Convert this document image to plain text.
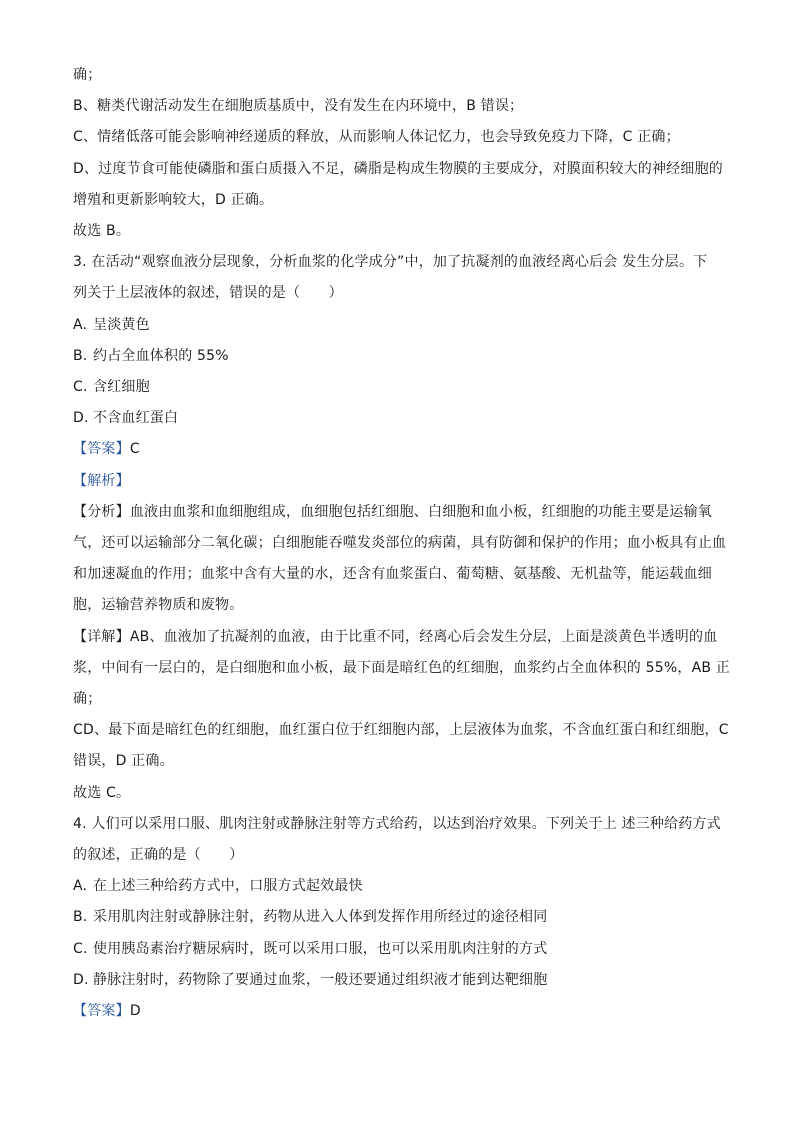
确；
B、糖类代谢活动发生在细胞质基质中，没有发生在内环境中，B 错误；
C、情绪低落可能会影响神经递质的释放，从而影响人体记忆力，也会导致免疫力下降，C 正确；
D、过度节食可能使磷脂和蛋白质摄入不足，磷脂是构成生物膜的主要成分，对膜面积较大的神经细胞的
增殖和更新影响较大，D 正确。
故选 B。
3. 在活动“观察血液分层现象，分析血浆的化学成分”中，加了抗凝剂的血液经离心后会 发生分层。下
列关于上层液体的叙述，错误的是（　　）
A. 呈淡黄色
B. 约占全血体积的 55%
C. 含红细胞
D. 不含血红蛋白
【答案】C
【解析】
【分析】血液由血浆和血细胞组成，血细胞包括红细胞、白细胞和血小板，红细胞的功能主要是运输氧
气，还可以运输部分二氧化碳；白细胞能吞噬发炎部位的病菌，具有防御和保护的作用；血小板具有止血
和加速凝血的作用；血浆中含有大量的水，还含有血浆蛋白、葡萄糖、氨基酸、无机盐等，能运载血细
胞，运输营养物质和废物。
【详解】AB、血液加了抗凝剂的血液，由于比重不同，经离心后会发生分层，上面是淡黄色半透明的血
浆，中间有一层白的，是白细胞和血小板，最下面是暗红色的红细胞，血浆约占全血体积的 55%，AB 正
确；
CD、最下面是暗红色的红细胞，血红蛋白位于红细胞内部，上层液体为血浆，不含血红蛋白和红细胞，C
错误，D 正确。
故选 C。
4. 人们可以采用口服、肌肉注射或静脉注射等方式给药，以达到治疗效果。下列关于上 述三种给药方式
的叙述，正确的是（　　）
A. 在上述三种给药方式中，口服方式起效最快
B. 采用肌肉注射或静脉注射，药物从进入人体到发挥作用所经过的途径相同
C. 使用胰岛素治疗糖尿病时，既可以采用口服，也可以采用肌肉注射的方式
D. 静脉注射时，药物除了要通过血浆，一般还要通过组织液才能到达靶细胞
【答案】D
